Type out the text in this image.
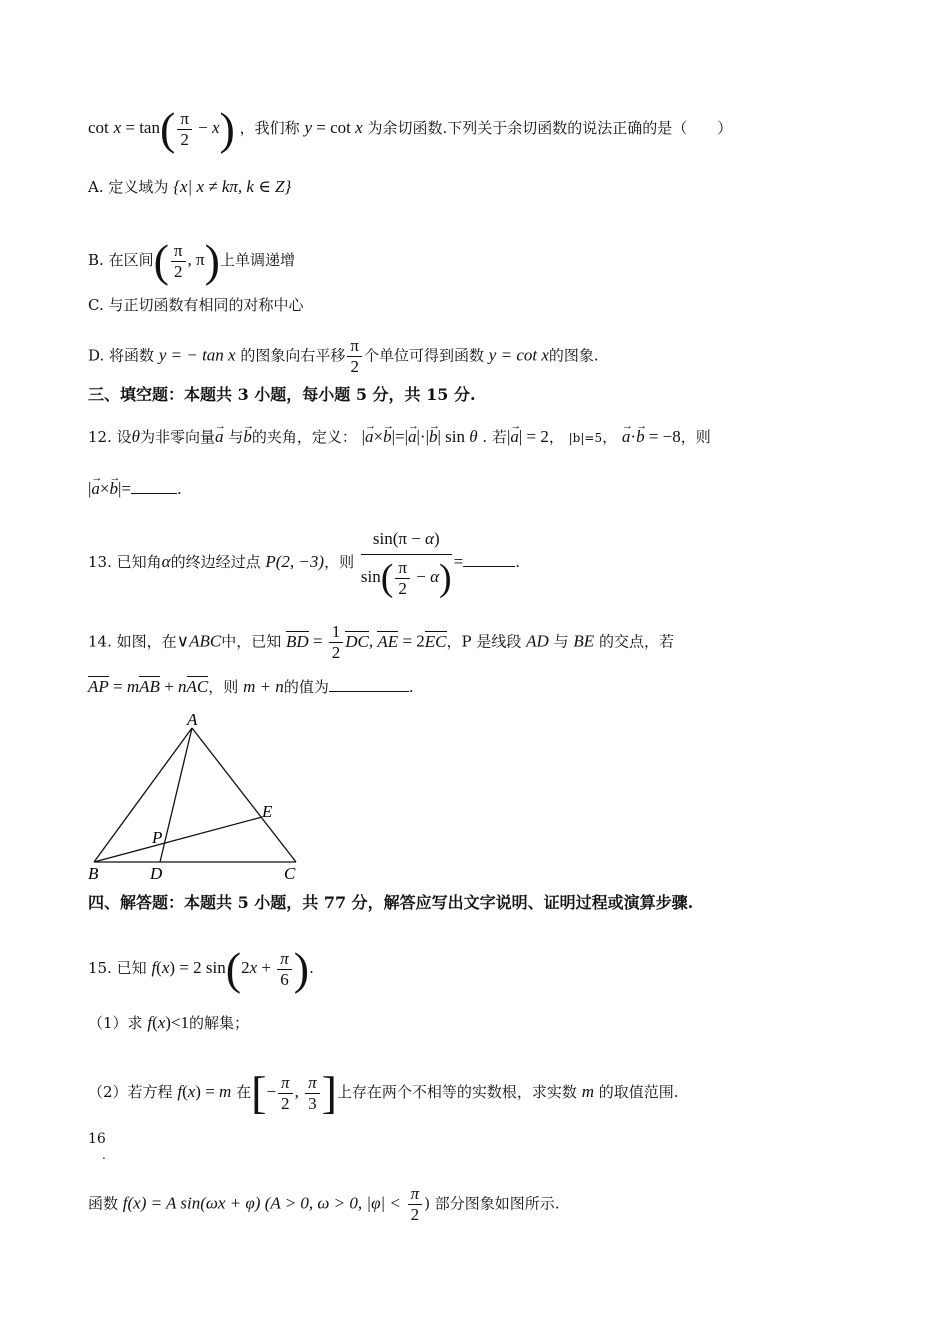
$\cot x = \tan( \frac{\pi}{2} - x)$ ，我们称 y = cot x 为余切函数.下列关于余切函数的说法正确的是（　　）
A. 定义域为 {x| x ≠ kπ, k ∈ Z}
B. 在区间( $\frac{\pi}{2}$ , π)上单调递增
C. 与正切函数有相同的对称中心
D. 将函数 y = − tan x 的图象向右平移 $\frac{\pi}{2}$ 个单位可得到函数 y = cot x的图象.
三、填空题：本题共 3 小题，每小题 5 分，共 15 分.
12. 设θ为非零向量→ a 与→ b的夹角，定义： |→ a×→ b|=|→ a|·|→ b| sin θ . 若|→ a| = 2， |b|=5， → a·→ b = −8，则
|→ a×→ b|=	.
13. 已知角α的终边经过点 P(2, −3)，则 $\frac{\sin(\pi - \alpha)}{\sin( \frac{\pi}{2} - \alpha)}$ =	.
14. 如图，在∨ABC中，已知 BD = $\frac{1}{2}$ DC, AE = 2EC，P 是线段 AD 与 BE 的交点，若
AP = mAB + nAC，则 m + n的值为	.
A
B	C
D
E
P
四、解答题：本题共 5 小题，共 77 分，解答应写出文字说明、证明过程或演算步骤.
15. 已知 f(x) = 2 $\sin(2x + \frac{\pi}{6}$ ).
（1）求 f(x)<1的解集；
（2）若方程 f(x) = m 在[− $\frac{\pi}{2}$ , $\frac{\pi}{3}$ ]上存在两个不相等的实数根，求实数 m 的取值范围.
16
.
函数 f(x) = A sin(ωx + φ) (A > 0, ω > 0, $|\varphi| < \frac{\pi}{2}$ ) 部分图象如图所示.
